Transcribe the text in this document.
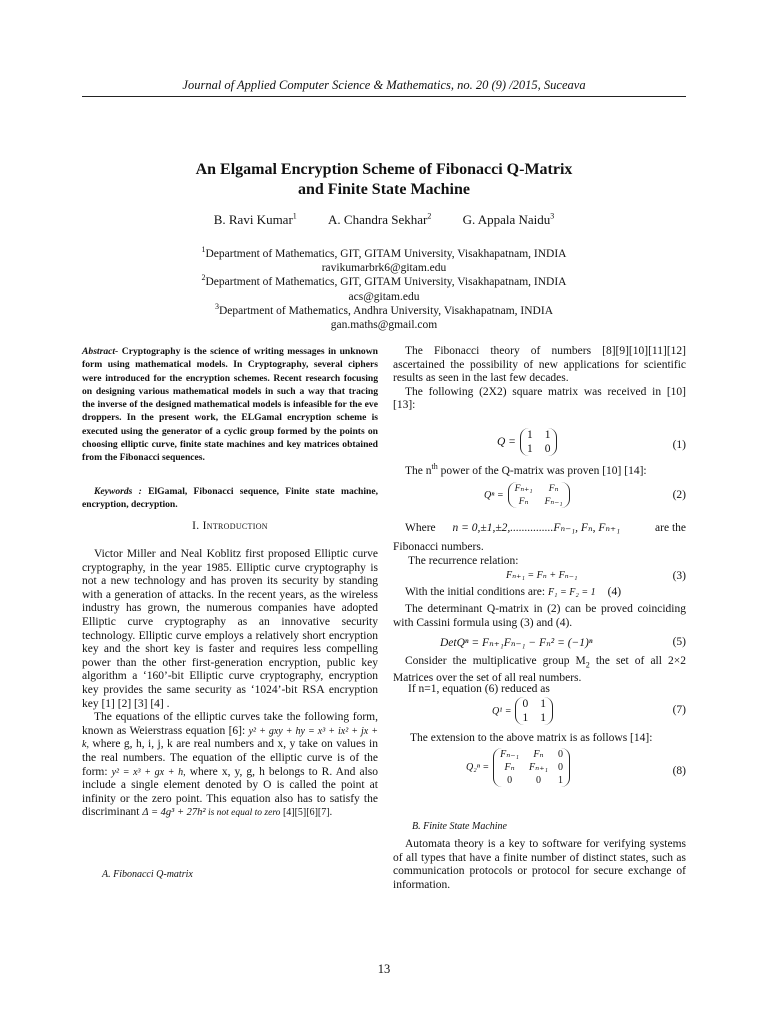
Journal of Applied Computer Science & Mathematics, no. 20 (9) /2015, Suceava
An Elgamal Encryption Scheme of Fibonacci Q-Matrix
and Finite State Machine
B. Ravi Kumar$^1$ A. Chandra Sekhar$^2$ G. Appala Naidu$^3$
$^1$Department of Mathematics, GIT, GITAM University, Visakhapatnam, INDIA
ravikumarbrk6@gitam.edu
$^2$Department of Mathematics, GIT, GITAM University, Visakhapatnam, INDIA
acs@gitam.edu
$^3$Department of Mathematics, Andhra University, Visakhapatnam, INDIA
gan.maths@gmail.com
Abstract- Cryptography is the science of writing messages in unknown form using mathematical models. In Cryptography, several ciphers were introduced for the encryption schemes. Recent research focusing on designing various mathematical models in such a way that tracing the inverse of the designed mathematical models is infeasible for the eve droppers. In the present work, the ELGamal encryption scheme is executed using the generator of a cyclic group formed by the points on choosing elliptic curve, finite state machines and key matrices obtained from the Fibonacci sequences.
Keywords : ElGamal, Fibonacci sequence, Finite state machine, encryption, decryption.
I. Introduction

Victor Miller and Neal Koblitz first proposed Elliptic curve cryptography, in the year 1985. Elliptic curve cryptography is not a new technology and has proven its security by standing with a generation of attacks. In the recent years, as the wireless industry has grown, the numerous companies have adopted Elliptic curve cryptography as an innovative security technology. Elliptic curve employs a relatively short encryption key and the short key is faster and requires less compelling power than the other first-generation encryption, public key algorithm a ‘160’-bit Elliptic curve cryptography, encryption key provides the same security as ‘1024’-bit RSA encryption key [1] [2] [3] [4] .

The equations of the elliptic curves take the following form, known as Weierstrass equation [6]: y² + gxy + hy = x³ + ix² + jx + k, where g, h, i, j, k are real numbers and x, y take on values in the real numbers. The equation of the elliptic curve is of the form: y² = x³ + gx + h, where x, y, g, h belongs to R. And also include a single element denoted by O is called the point at infinity or the zero point. This equation also has to satisfy the discriminant Δ = 4g³ + 27h² is not equal to zero [4][5][6][7].

A. Fibonacci Q-matrix

The Fibonacci theory of numbers [8][9][10][11][12] ascertained the possibility of new applications for scientific results as seen in the last few decades.

The following (2X2) square matrix was received in [10] [13]:

Q =
1 1
1 0	(1)
The $n^{th}$ power of the Q-matrix was proven [10] [14]:
Qⁿ =
Fₙ₊₁	Fₙ
Fₙ	Fₙ₋₁
(2)
Where n = 0,±1,±2,...............Fₙ₋₁, Fₙ, Fₙ₊₁	are the
Fibonacci numbers.
The recurrence relation:
Fₙ₊₁ = Fₙ + Fₙ₋₁	(3)
With the initial conditions are: F₁ = F₂ = 1 (4)

The determinant Q-matrix in (2) can be proved coinciding with Cassini formula using (3) and (4).

DetQⁿ = Fₙ₊₁Fₙ₋₁ − Fₙ² = (−1)ⁿ	(5)

Consider the multiplicative group $M_2$ the set of all 2×2 Matrices over the set of all real numbers.

If n=1, equation (6) reduced as
Q¹ =
0 1
1 1
(7)
The extension to the above matrix is as follows [14]:
Q₂ⁿ =
Fₙ₋₁	Fₙ	0
Fₙ	Fₙ₊₁ 0
0	0	1
(8)
B. Finite State Machine

Automata theory is a key to software for verifying systems of all types that have a finite number of distinct states, such as communication protocols or protocol for secure exchange of information.

13
